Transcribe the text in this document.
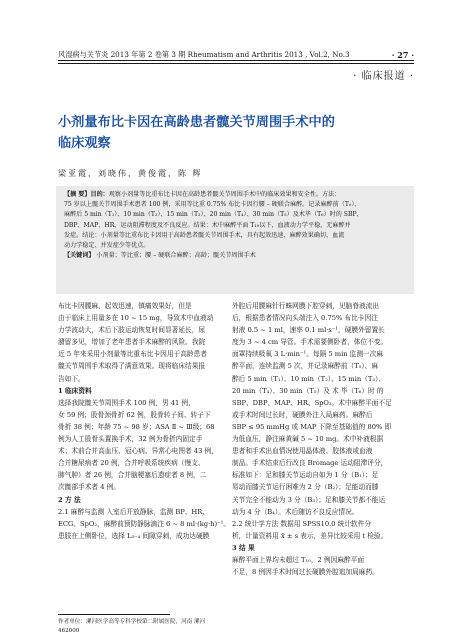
风湿病与关节炎 2013 年第 2 卷第 3 期 Rheumatism and Arthritis 2013 , Vol.2, No.3	· 27 ·
· 临床报道 ·
小剂量布比卡因在高龄患者髋关节周围手术中的
临床观察
梁亚霞，刘晓伟，黄俊霞，陈 辉
【摘 要】目的：观察小剂量等比重布比卡因在高龄患者髋关节周围手术中的临床效果和安全性。方法：
75 岁以上髋关节周围手术患者 100 例，采用等比重 0.75% 布比卡因行腰 – 硬联合麻醉。记录麻醉前（T₀）、
麻醉后 5 min（T₁）、10 min（T₂）、15 min（T₃）、20 min（T₄）、30 min（T₅）及术毕（T₆）时的 SBP、
DBP、MAP、HR、运动阻滞程度及不良反应。结果：术中麻醉平面 T₁₀以下，血液动力学平稳，无麻醉并
发症。结论：小剂量等比重布比卡因用于高龄患者髋关节周围手术，具有起效迅速、麻醉效果确切、血流
动力学稳定、并发症少等优点。
【关键词】 小剂量；等比重；腰 – 硬联合麻醉；高龄；髋关节周围手术

布比卡因腰麻，起效迅速，镇痛效果好，但是

由于临床上用量多在 10 ~ 15 mg，导致术中血液动

力学波动大，术后下肢运动恢复时间显著延长，尿

潴留多见，增加了老年患者手术麻醉的风险。我院

近 5 年来采用小剂量等比重布比卡因用于高龄患者

髋关节周围手术取得了满意效果。现将临床结果报

告如下。

1 临床资料

选择我院髋关节周围手术 100 例，男 41 例，

女 59 例；股骨颈骨折 62 例，股骨转子间、转子下

骨折 38 例；年龄 75 ~ 98 岁；ASA Ⅱ ~ Ⅲ级；68

例为人工股骨头置换手术，32 例为骨折内固定手

术；术前合并高血压、冠心病、异常心电图者 43 例，

合并糖尿病者 20 例，合并呼吸系统疾病（慢支、

肺气肿）者 26 例，合并脑梗塞后遗症者 8 例，二

次髋部手术者 4 例。

2 方 法

2.1 麻醉与监测 入室后开放静脉，监测 BP、HR、

ECG、SpO₂，麻醉前预防静脉滴注 6 ~ 8 ml·(kg·h)⁻¹。

患肢在上侧卧位，选择 L₃₋₄ 间隙穿刺，成功达硬膜

外腔后用腰麻针行蛛网膜下腔穿刺，见脑脊液流出

后，根据患者情况向头端注入 0.75% 布比卡因注

射液 0.5 ~ 1 ml，速率 0.1 ml·s⁻¹，硬膜外留置长

度为 3 ~ 4 cm 导管。手术需要侧卧者，体位不变。

面罩持续吸氧 3 L·min⁻¹。每隔 5 min 监测一次麻

醉平面，连续监测 5 次，并记录麻醉前（T₀）、麻

醉后 5 min（T₁）、10 min（T₂）、15 min（T₃）、

20 min（T₄）、30 min（T₅）及 术 毕（T₆）时 的

SBP、DBP、MAP、HR、SpO₂。术中麻醉平面不足

或手术时间过长时，硬膜外注入局麻药。麻醉后

SBP ≤ 95 mmHg 或 MAP 下降至基础值的 80% 即

为低血压，静注麻黄碱 5 ~ 10 mg。术中补液根据

患者和手术出血情况使用晶体液、胶体液或血液

制品。手术结束后行改良 Bromage 运动阻滞评分，

标准如下：足和膝关节运动自如为 1 分（B₁）；足

易动而膝关节运行困难为 2 分（B₂）；足能动而膝

关节完全不能动为 3 分（B₃）；足和膝关节都不能运

动为 4 分（B₄）。术后随访不良反应情况。

2.2 统计学方法 数据用 SPSS10.0 统计软件分

析，计量资料用 x̄ ± s 表示，差异比较采用 t 检验。

3 结 果

麻醉平面上界均未超过 T₁₀，2 例因麻醉平面

不足，8 例因手术时间过长硬膜外腔追加局麻药。

作者单位：漯河医学高等专科学校第二附属医院，河南 漯河

462000
